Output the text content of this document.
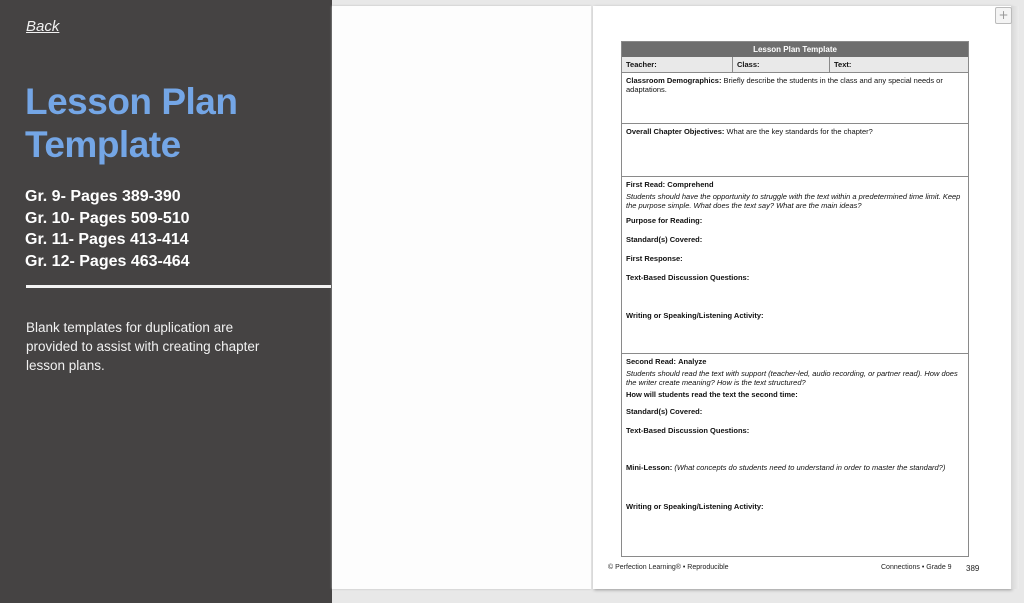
Back
Lesson Plan Template
Gr. 9- Pages 389-390
Gr. 10- Pages 509-510
Gr. 11- Pages 413-414
Gr. 12- Pages 463-464
Blank templates for duplication are provided to assist with creating chapter lesson plans.
Lesson Plan Template
Teacher:	Class:	Text:
Classroom Demographics: Briefly describe the students in the class and any special needs or adaptations.
Overall Chapter Objectives: What are the key standards for the chapter?
First Read: Comprehend
Students should have the opportunity to struggle with the text within a predetermined time limit. Keep the purpose simple. What does the text say? What are the main ideas?
Purpose for Reading:
Standard(s) Covered:
First Response:
Text-Based Discussion Questions:
Writing or Speaking/Listening Activity:
Second Read: Analyze
Students should read the text with support (teacher-led, audio recording, or partner read). How does the writer create meaning? How is the text structured?
How will students read the text the second time:
Standard(s) Covered:
Text-Based Discussion Questions:
Mini-Lesson: (What concepts do students need to understand in order to master the standard?)
Writing or Speaking/Listening Activity:
© Perfection Learning® • Reproducible	Connections • Grade 9 389
+
